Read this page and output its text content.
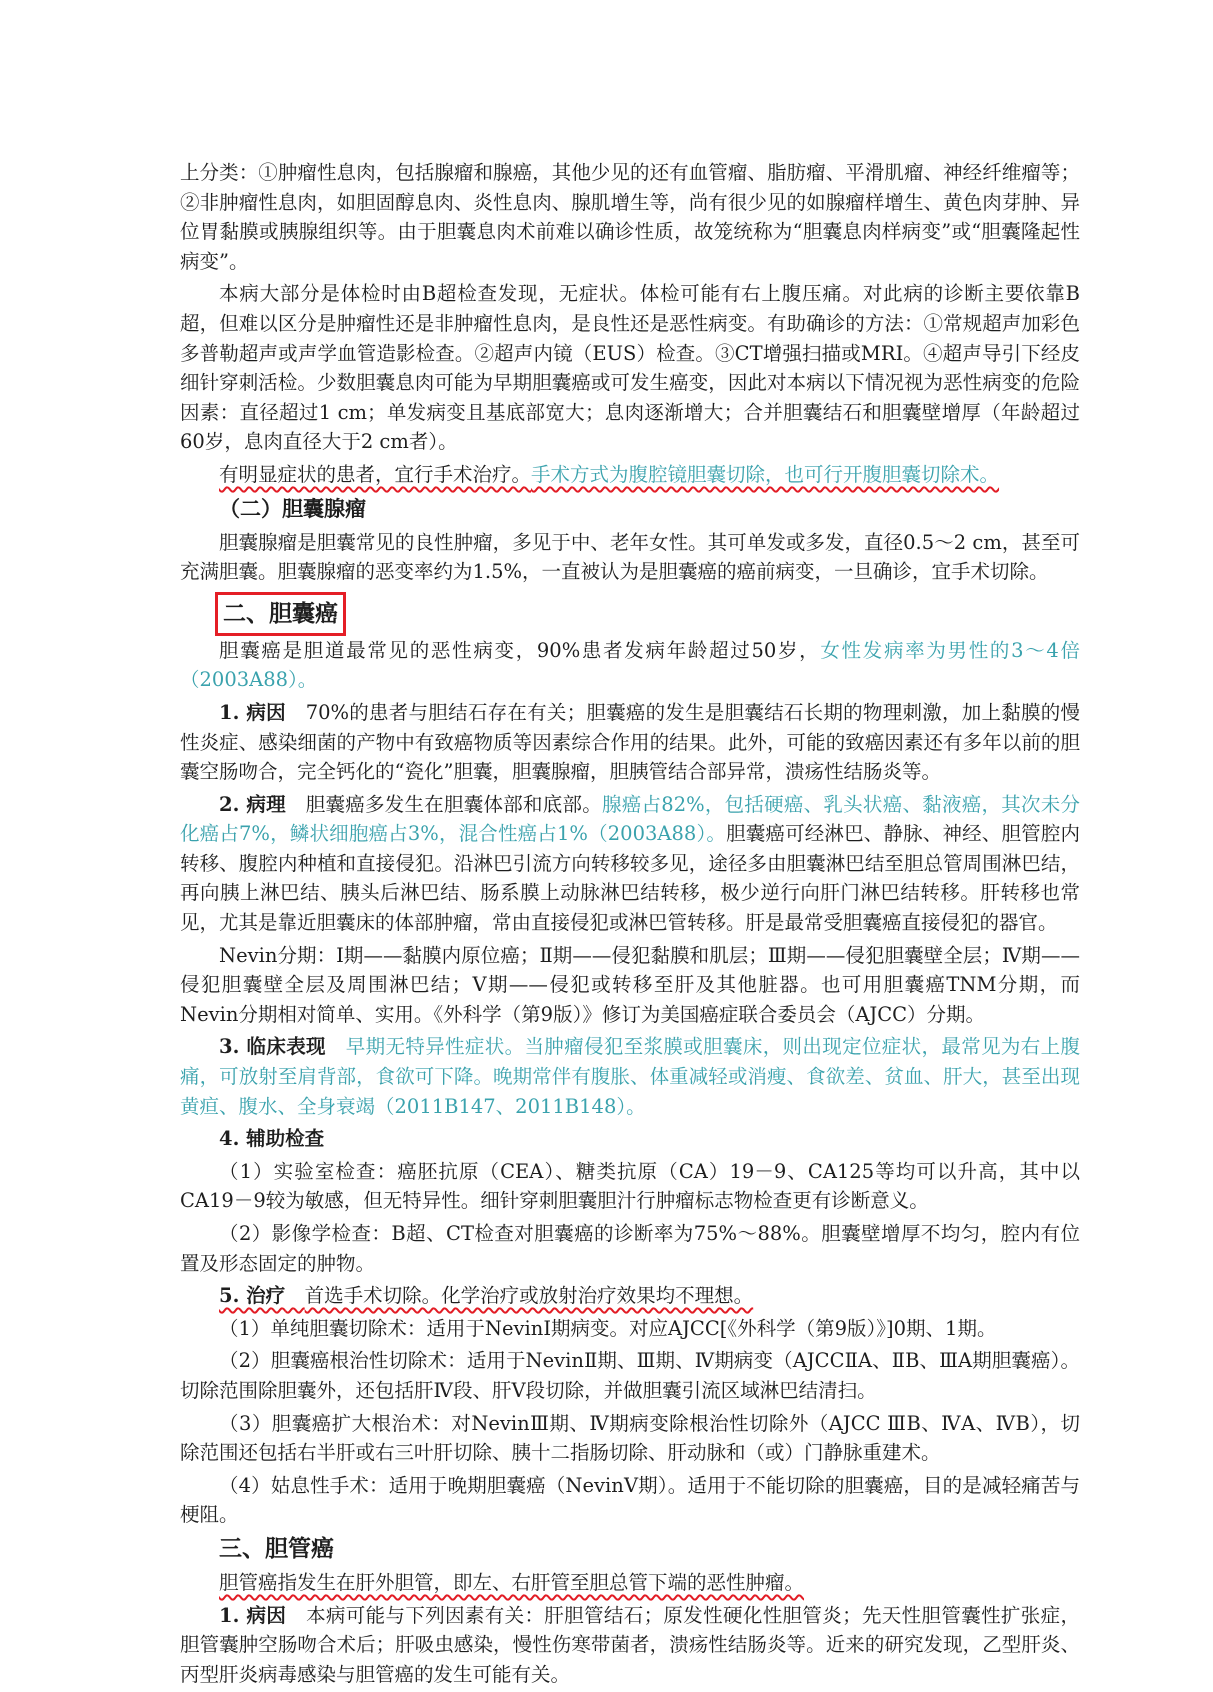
上分类：①肿瘤性息肉，包括腺瘤和腺癌，其他少见的还有血管瘤、脂肪瘤、平滑肌瘤、神经纤维瘤等；②非肿瘤性息肉，如胆固醇息肉、炎性息肉、腺肌增生等，尚有很少见的如腺瘤样增生、黄色肉芽肿、异位胃黏膜或胰腺组织等。由于胆囊息肉术前难以确诊性质，故笼统称为“胆囊息肉样病变”或“胆囊隆起性病变”。

本病大部分是体检时由B超检查发现，无症状。体检可能有右上腹压痛。对此病的诊断主要依靠B超，但难以区分是肿瘤性还是非肿瘤性息肉，是良性还是恶性病变。有助确诊的方法：①常规超声加彩色多普勒超声或声学血管造影检查。②超声内镜（EUS）检查。③CT增强扫描或MRI。④超声导引下经皮细针穿刺活检。少数胆囊息肉可能为早期胆囊癌或可发生癌变，因此对本病以下情况视为恶性病变的危险因素：直径超过1 cm；单发病变且基底部宽大；息肉逐渐增大；合并胆囊结石和胆囊壁增厚（年龄超过60岁，息肉直径大于2 cm者）。

有明显症状的患者，宜行手术治疗。手术方式为腹腔镜胆囊切除，也可行开腹胆囊切除术。

（二）胆囊腺瘤

胆囊腺瘤是胆囊常见的良性肿瘤，多见于中、老年女性。其可单发或多发，直径0.5～2 cm，甚至可充满胆囊。胆囊腺瘤的恶变率约为1.5%，一直被认为是胆囊癌的癌前病变，一旦确诊，宜手术切除。

二、胆囊癌

胆囊癌是胆道最常见的恶性病变，90%患者发病年龄超过50岁，女性发病率为男性的3～4倍（2003A88）。

1. 病因　 70%的患者与胆结石存在有关；胆囊癌的发生是胆囊结石长期的物理刺激，加上黏膜的慢性炎症、感染细菌的产物中有致癌物质等因素综合作用的结果。此外，可能的致癌因素还有多年以前的胆囊空肠吻合，完全钙化的“瓷化”胆囊，胆囊腺瘤，胆胰管结合部异常，溃疡性结肠炎等。

2. 病理　 胆囊癌多发生在胆囊体部和底部。腺癌占82%，包括硬癌、乳头状癌、黏液癌，其次未分化癌占7%，鳞状细胞癌占3%，混合性癌占1%（2003A88）。胆囊癌可经淋巴、静脉、神经、胆管腔内转移、腹腔内种植和直接侵犯。沿淋巴引流方向转移较多见，途径多由胆囊淋巴结至胆总管周围淋巴结，再向胰上淋巴结、胰头后淋巴结、肠系膜上动脉淋巴结转移，极少逆行向肝门淋巴结转移。肝转移也常见，尤其是靠近胆囊床的体部肿瘤，常由直接侵犯或淋巴管转移。肝是最常受胆囊癌直接侵犯的器官。

Nevin分期：Ⅰ期——黏膜内原位癌；Ⅱ期——侵犯黏膜和肌层；Ⅲ期——侵犯胆囊壁全层；Ⅳ期——侵犯胆囊壁全层及周围淋巴结；Ⅴ期——侵犯或转移至肝及其他脏器。也可用胆囊癌TNM分期，而Nevin分期相对简单、实用。《外科学（第9版）》修订为美国癌症联合委员会（AJCC）分期。

3. 临床表现　 早期无特异性症状。当肿瘤侵犯至浆膜或胆囊床，则出现定位症状，最常见为右上腹痛，可放射至肩背部，食欲可下降。晚期常伴有腹胀、体重减轻或消瘦、食欲差、贫血、肝大，甚至出现黄疸、腹水、全身衰竭（2011B147、2011B148）。

4. 辅助检查

（1）实验室检查：癌胚抗原（CEA）、糖类抗原（CA）19－9、CA125等均可以升高，其中以CA19－9较为敏感，但无特异性。细针穿刺胆囊胆汁行肿瘤标志物检查更有诊断意义。

（2）影像学检查：B超、CT检查对胆囊癌的诊断率为75%～88%。胆囊壁增厚不均匀，腔内有位置及形态固定的肿物。

5. 治疗　 首选手术切除。化学治疗或放射治疗效果均不理想。

（1）单纯胆囊切除术：适用于NevinⅠ期病变。对应AJCC[《外科学（第9版）》]0期、1期。

（2）胆囊癌根治性切除术：适用于NevinⅡ期、Ⅲ期、Ⅳ期病变（AJCCⅡA、ⅡB、ⅢA期胆囊癌）。切除范围除胆囊外，还包括肝Ⅳ段、肝Ⅴ段切除，并做胆囊引流区域淋巴结清扫。

（3）胆囊癌扩大根治术：对NevinⅢ期、Ⅳ期病变除根治性切除外（AJCC ⅢB、ⅣA、ⅣB），切除范围还包括右半肝或右三叶肝切除、胰十二指肠切除、肝动脉和（或）门静脉重建术。

（4）姑息性手术：适用于晚期胆囊癌（NevinⅤ期）。适用于不能切除的胆囊癌，目的是减轻痛苦与梗阻。

三、胆管癌

胆管癌指发生在肝外胆管，即左、右肝管至胆总管下端的恶性肿瘤。

1. 病因　 本病可能与下列因素有关：肝胆管结石；原发性硬化性胆管炎；先天性胆管囊性扩张症，胆管囊肿空肠吻合术后；肝吸虫感染，慢性伤寒带菌者，溃疡性结肠炎等。近来的研究发现，乙型肝炎、丙型肝炎病毒感染与胆管癌的发生可能有关。
